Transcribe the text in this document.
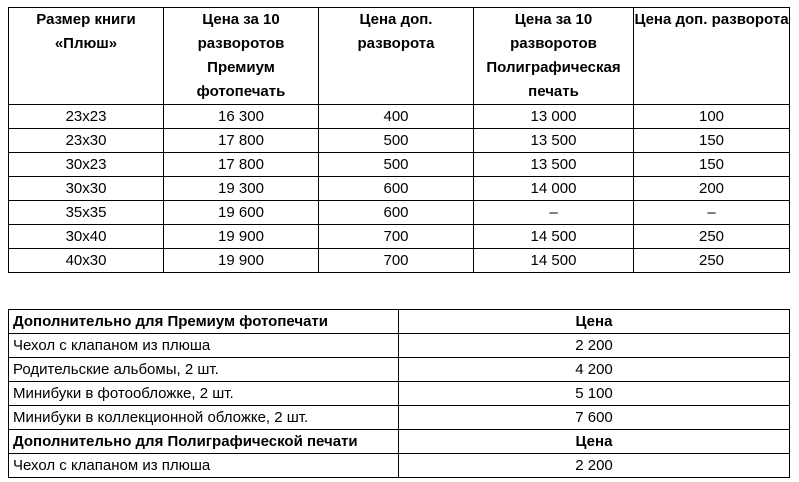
Размер книги «Плюш»	Цена за 10 разворотов Премиум фотопечать	Цена доп. разворота	Цена за 10 разворотов Полиграфическая печать	Цена доп. разворота
23х23	16 300	400	13 000	100
23х30	17 800	500	13 500	150
30х23	17 800	500	13 500	150
30х30	19 300	600	14 000	200
35х35	19 600	600	–	–
30х40	19 900	700	14 500	250
40х30	19 900	700	14 500	250
Дополнительно для Премиум фотопечати	Цена
Чехол с клапаном из плюша	2 200
Родительские альбомы, 2 шт.	4 200
Минибуки в фотообложке, 2 шт.	5 100
Минибуки в коллекционной обложке, 2 шт.	7 600
Дополнительно для Полиграфической печати	Цена
Чехол с клапаном из плюша	2 200
